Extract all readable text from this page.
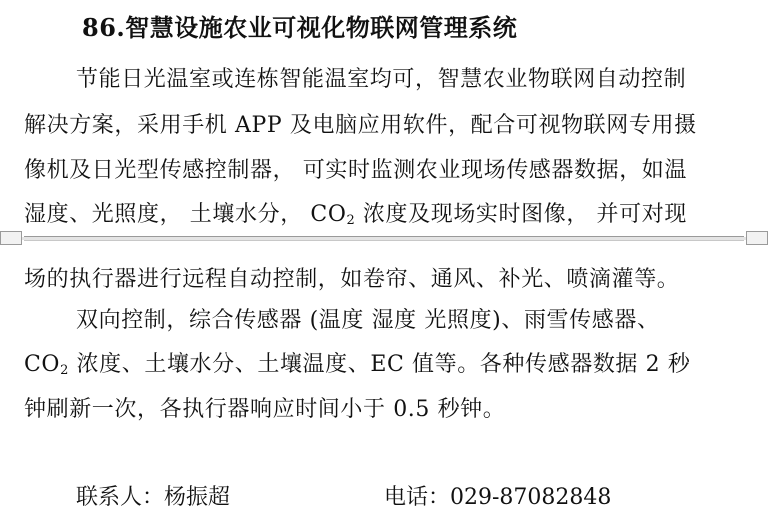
86.智慧设施农业可视化物联网管理系统
节能日光温室或连栋智能温室均可，智慧农业物联网自动控制
解决方案，采用手机 APP 及电脑应用软件，配合可视物联网专用摄
像机及日光型传感控制器， 可实时监测农业现场传感器数据，如温
湿度、光照度， 土壤水分， $CO_2$ 浓度及现场实时图像， 并可对现
场的执行器进行远程自动控制，如卷帘、通风、补光、喷滴灌等。
双向控制，综合传感器 (温度 湿度 光照度)、雨雪传感器、
$CO_2$ 浓度、土壤水分、土壤温度、EC 值等。各种传感器数据 2 秒
钟刷新一次，各执行器响应时间小于 0.5 秒钟。
联系人：杨振超	电话：029-87082848
